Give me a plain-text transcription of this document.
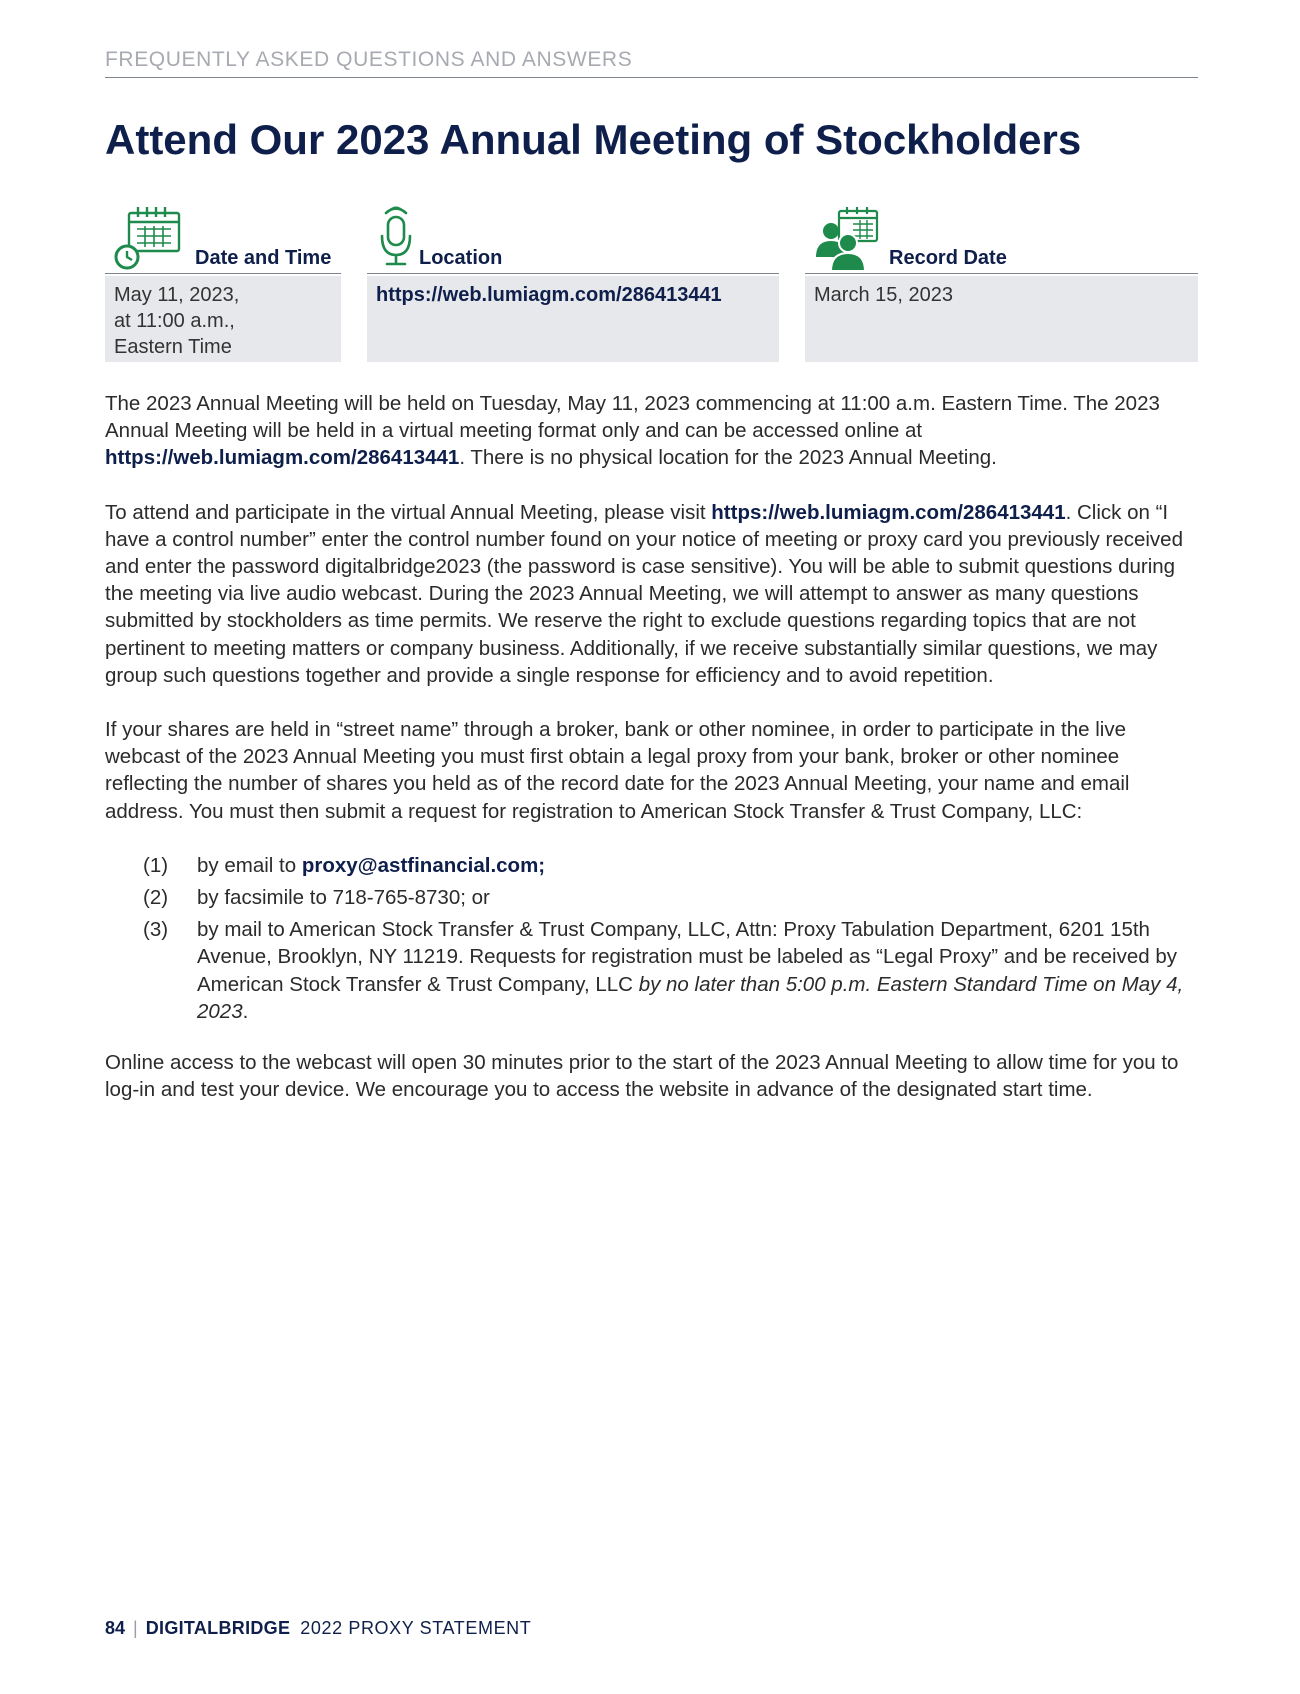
FREQUENTLY ASKED QUESTIONS AND ANSWERS
Attend Our 2023 Annual Meeting of Stockholders
Date and Time
May 11, 2023,
at 11:00 a.m.,
Eastern Time
Location
https://web.lumiagm.com/286413441
Record Date
March 15, 2023

The 2023 Annual Meeting will be held on Tuesday, May 11, 2023 commencing at 11:00 a.m. Eastern Time. The 2023 Annual Meeting will be held in a virtual meeting format only and can be accessed online at https://web.lumiagm.com/286413441. There is no physical location for the 2023 Annual Meeting.

To attend and participate in the virtual Annual Meeting, please visit https://web.lumiagm.com/286413441. Click on “I have a control number” enter the control number found on your notice of meeting or proxy card you previously received and enter the password digitalbridge2023 (the password is case sensitive). You will be able to submit questions during the meeting via live audio webcast. During the 2023 Annual Meeting, we will attempt to answer as many questions submitted by stockholders as time permits. We reserve the right to exclude questions regarding topics that are not pertinent to meeting matters or company business. Additionally, if we receive substantially similar questions, we may group such questions together and provide a single response for efficiency and to avoid repetition.

If your shares are held in “street name” through a broker, bank or other nominee, in order to participate in the live webcast of the 2023 Annual Meeting you must first obtain a legal proxy from your bank, broker or other nominee reflecting the number of shares you held as of the record date for the 2023 Annual Meeting, your name and email address. You must then submit a request for registration to American Stock Transfer & Trust Company, LLC:

(1)	by email to proxy@astfinancial.com;
(2)	by facsimile to 718-765-8730; or
(3)	by mail to American Stock Transfer & Trust Company, LLC, Attn: Proxy Tabulation Department, 6201 15th Avenue, Brooklyn, NY 11219. Requests for registration must be labeled as “Legal Proxy” and be received by American Stock Transfer & Trust Company, LLC by no later than 5:00 p.m. Eastern Standard Time on May 4, 2023.

Online access to the webcast will open 30 minutes prior to the start of the 2023 Annual Meeting to allow time for you to log-in and test your device. We encourage you to access the website in advance of the designated start time.

84 | DIGITALBRIDGE 2022 PROXY STATEMENT
